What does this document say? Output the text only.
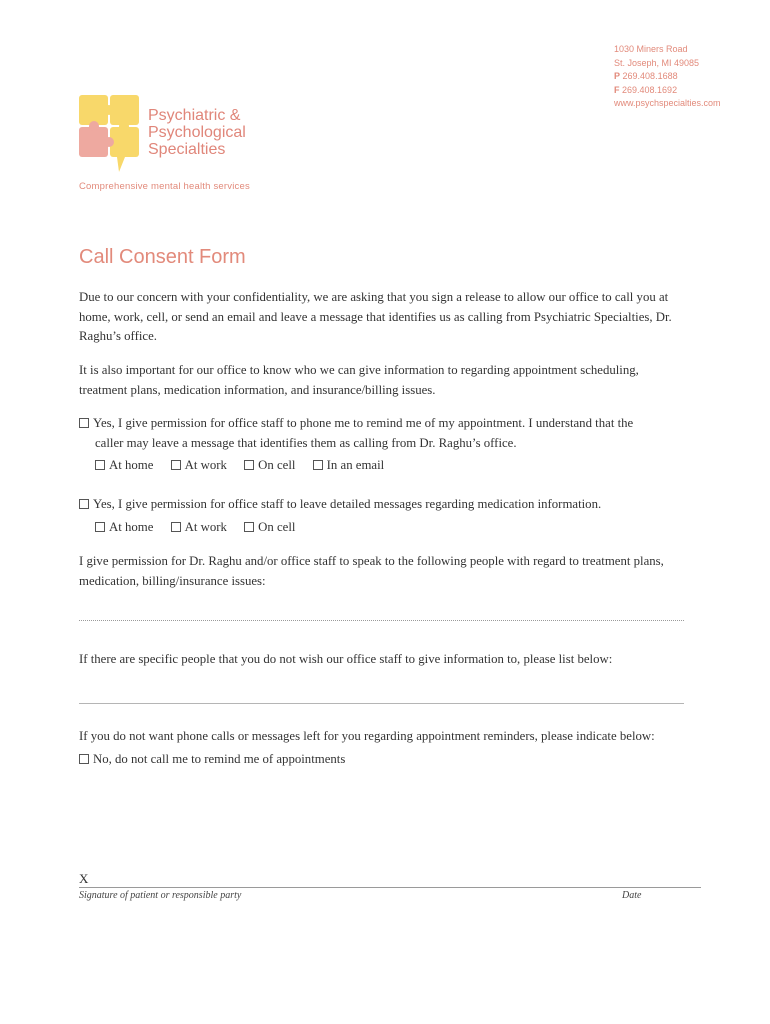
1030 Miners Road
St. Joseph, MI 49085
P 269.408.1688
F 269.408.1692
www.psychspecialties.com
Psychiatric &
Psychological
Specialties
Comprehensive mental health services
Call Consent Form
Due to our concern with your confidentiality, we are asking that you sign a release to allow our office to call you at home, work, cell, or send an email and leave a message that identifies us as calling from Psychiatric Specialties, Dr. Raghu’s office.
It is also important for our office to know who we can give information to regarding appointment scheduling, treatment plans, medication information, and insurance/billing issues.
Yes, I give permission for office staff to phone me to remind me of my appointment. I understand that the
caller may leave a message that identifies them as calling from Dr. Raghu’s office.
At home At work On cell In an email
Yes, I give permission for office staff to leave detailed messages regarding medication information.
At home At work On cell
I give permission for Dr. Raghu and/or office staff to speak to the following people with regard to treatment plans, medication, billing/insurance issues:
If there are specific people that you do not wish our office staff to give information to, please list below:
If you do not want phone calls or messages left for you regarding appointment reminders, please indicate below:
No, do not call me to remind me of appointments
X
Signature of patient or responsible party	Date
